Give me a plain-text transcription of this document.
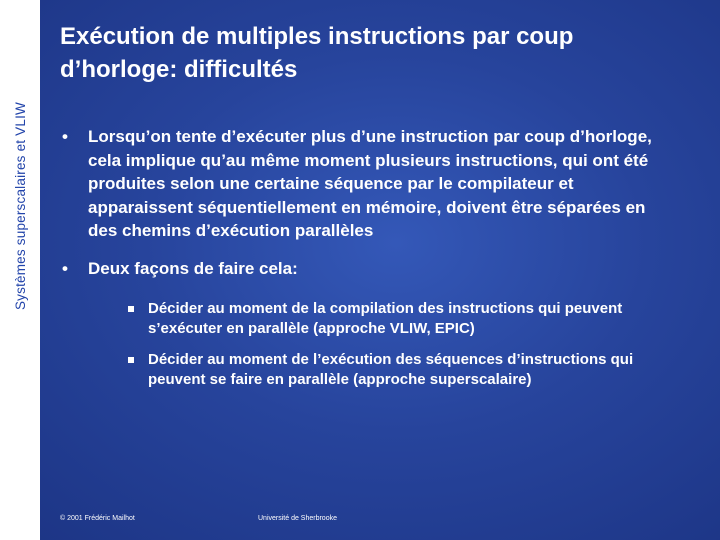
Systèmes superscalaires et VLIW
Exécution de multiples instructions par coup d’horloge: difficultés
• Lorsqu’on tente d’exécuter plus d’une instruction par coup d’horloge, cela implique qu’au même moment plusieurs instructions, qui ont été produites selon une certaine séquence par le compilateur et apparaissent séquentiellement en mémoire, doivent être séparées en des chemins d’exécution parallèles
• Deux façons de faire cela:
Décider au moment de la compilation des instructions qui peuvent s’exécuter en parallèle (approche VLIW, EPIC)
Décider au moment de l’exécution des séquences d’instructions qui peuvent se faire en parallèle (approche superscalaire)
© 2001 Frédéric Mailhot	Université de Sherbrooke
